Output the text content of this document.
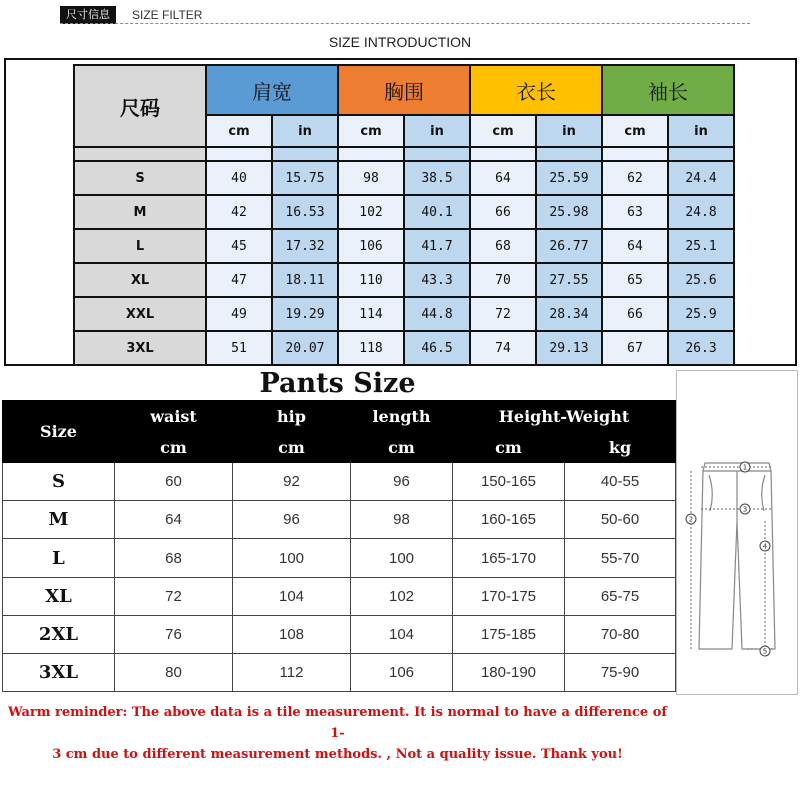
尺寸信息	SIZE FILTER
SIZE INTRODUCTION
尺码	肩宽		胸围		衣长		袖长	
	cm	in	cm	in	cm	in	cm	in

S	40	15.75	98	38.5	64	25.59	62	24.4
M	42	16.53	102	40.1	66	25.98	63	24.8
L	45	17.32	106	41.7	68	26.77	64	25.1
XL	47	18.11	110	43.3	70	27.55	65	25.6
XXL	49	19.29	114	44.8	72	28.34	66	25.9
3XL	51	20.07	118	46.5	74	29.13	67	26.3
Pants Size
Size	waist	hip	length	Height-Weight	
	cm	cm	cm	cm	kg
S	60	92	96	150-165	40-55
M	64	96	98	160-165	50-60
L	68	100	100	165-170	55-70
XL	72	104	102	170-175	65-75
2XL	76	108	104	175-185	70-80
3XL	80	112	106	180-190	75-90
1
2
3
4
5
Warm reminder: The above data is a tile measurement. It is normal to have a difference of 1-
3 cm due to different measurement methods. , Not a quality issue. Thank you!
